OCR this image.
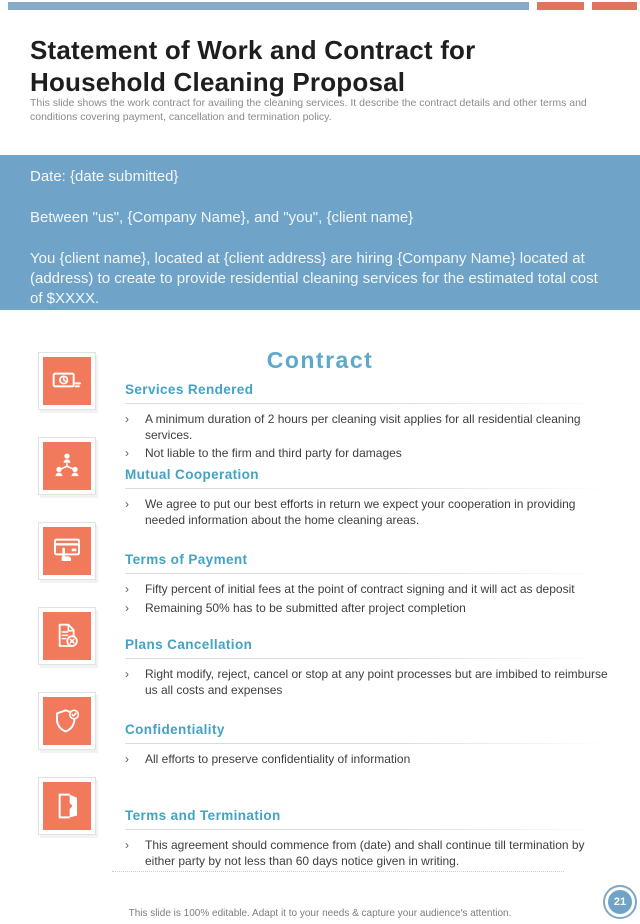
Statement of Work and Contract for Household Cleaning Proposal

This slide shows the work contract for availing the cleaning services. It describe the contract details and other terms and conditions covering payment, cancellation and termination policy.

Date: {date submitted}

Between "us", {Company Name}, and "you", {client name}

You {client name}, located at {client address} are hiring {Company Name} located at (address) to create to provide residential cleaning services for the estimated total cost of $XXXX.

Contract
Services Rendered
›	A minimum duration of 2 hours per cleaning visit applies for all residential cleaning services.
›	Not liable to the firm and third party for damages
Mutual Cooperation
›	We agree to put our best efforts in return we expect your cooperation in providing needed information about the home cleaning areas.
Terms of Payment
›	Fifty percent of initial fees at the point of contract signing and it will act as deposit
›	Remaining 50% has to be submitted after project completion
Plans Cancellation
›	Right modify, reject, cancel or stop at any point processes but are imbibed to reimburse us all costs and expenses
Confidentiality
›	All efforts to preserve confidentiality of information
Terms and Termination
›	This agreement should commence from (date) and shall continue till termination by either party by not less than 60 days notice given in writing.

This slide is 100% editable. Adapt it to your needs & capture your audience's attention.

21
